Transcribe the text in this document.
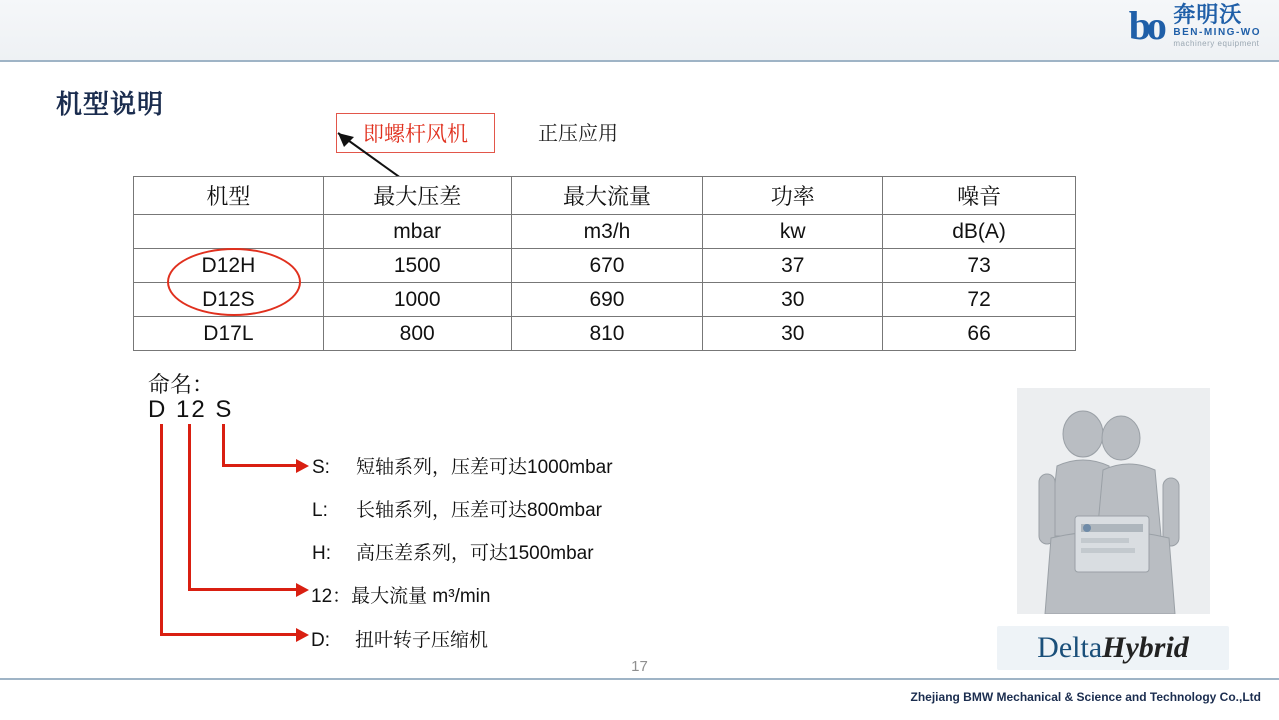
bo 奔明沃
BEN-MING-WO
machinery equipment
机型说明
即螺杆风机	正压应用
机型	最大压差	最大流量	功率	噪音
	mbar	m3/h	kw	dB(A)
D12H	1500	670	37	73
D12S	1000	690	30	72
D17L	800	810	30	66
命名：
D 12 S
S: 短轴系列，压差可达1000mbar
L: 长轴系列，压差可达800mbar
H: 高压差系列，可达1500mbar
12：最大流量 m³/min
D: 扭叶转子压缩机	Delta Hybrid
17
Zhejiang BMW Mechanical & Science and Technology Co.,Ltd
